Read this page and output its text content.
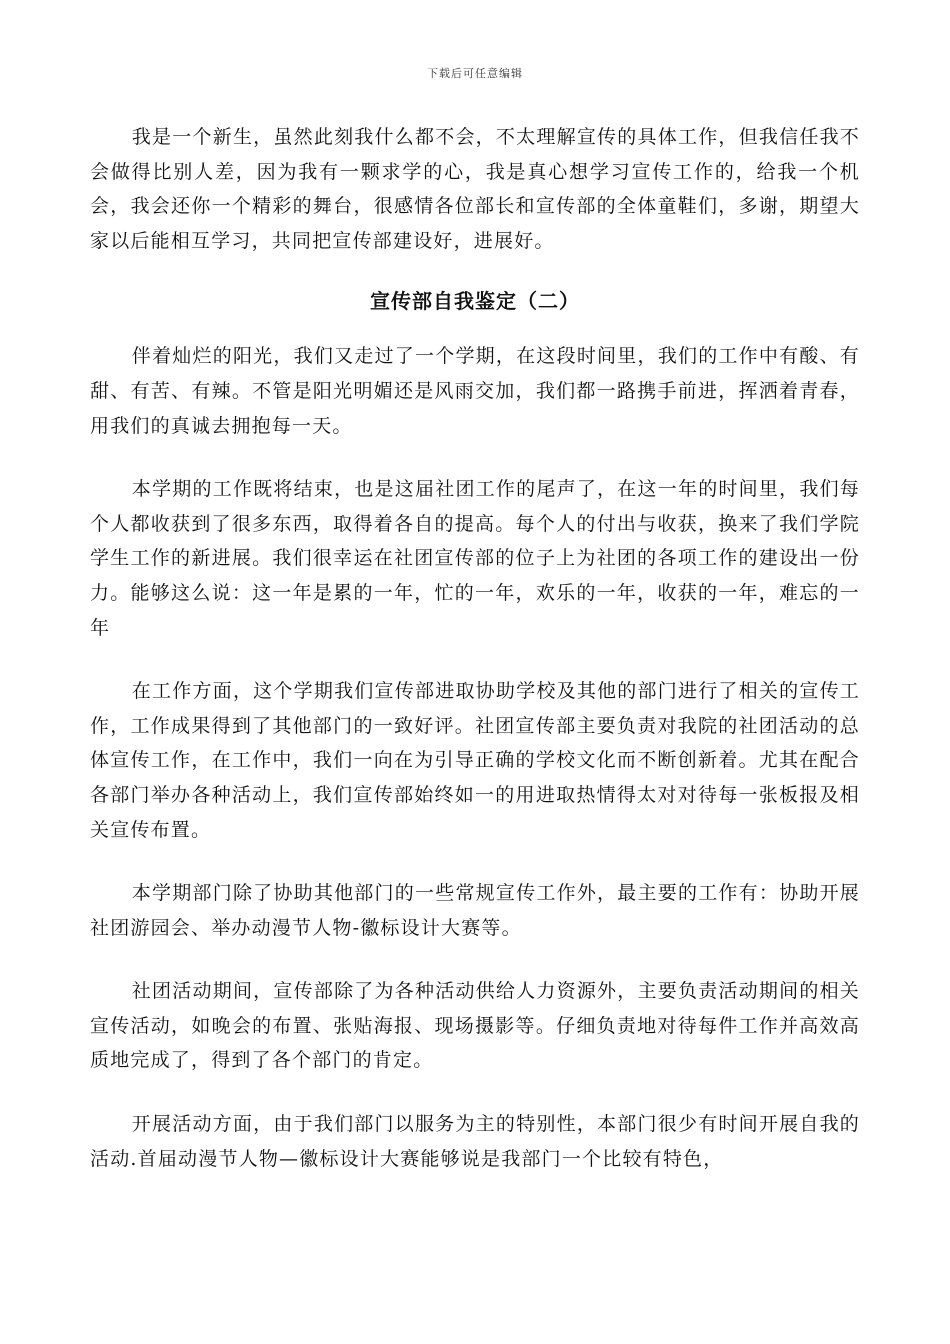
下载后可任意编辑

我是一个新生，虽然此刻我什么都不会，不太理解宣传的具体工作，但我信任我不会做得比别人差，因为我有一颗求学的心，我是真心想学习宣传工作的，给我一个机会，我会还你一个精彩的舞台，很感情各位部长和宣传部的全体童鞋们，多谢，期望大家以后能相互学习，共同把宣传部建设好，进展好。

宣传部自我鉴定（二）

伴着灿烂的阳光，我们又走过了一个学期，在这段时间里，我们的工作中有酸、有甜、有苦、有辣。不管是阳光明媚还是风雨交加，我们都一路携手前进，挥洒着青春，用我们的真诚去拥抱每一天。

本学期的工作既将结束，也是这届社团工作的尾声了，在这一年的时间里，我们每个人都收获到了很多东西，取得着各自的提高。每个人的付出与收获，换来了我们学院学生工作的新进展。我们很幸运在社团宣传部的位子上为社团的各项工作的建设出一份力。能够这么说：这一年是累的一年，忙的一年，欢乐的一年，收获的一年，难忘的一年

在工作方面，这个学期我们宣传部进取协助学校及其他的部门进行了相关的宣传工作，工作成果得到了其他部门的一致好评。社团宣传部主要负责对我院的社团活动的总体宣传工作，在工作中，我们一向在为引导正确的学校文化而不断创新着。尤其在配合各部门举办各种活动上，我们宣传部始终如一的用进取热情得太对对待每一张板报及相关宣传布置。

本学期部门除了协助其他部门的一些常规宣传工作外，最主要的工作有：协助开展社团游园会、举办动漫节人物-徽标设计大赛等。

社团活动期间，宣传部除了为各种活动供给人力资源外，主要负责活动期间的相关宣传活动，如晚会的布置、张贴海报、现场摄影等。仔细负责地对待每件工作并高效高质地完成了，得到了各个部门的肯定。

开展活动方面，由于我们部门以服务为主的特别性，本部门很少有时间开展自我的活动.首届动漫节人物—徽标设计大赛能够说是我部门一个比较有特色，
